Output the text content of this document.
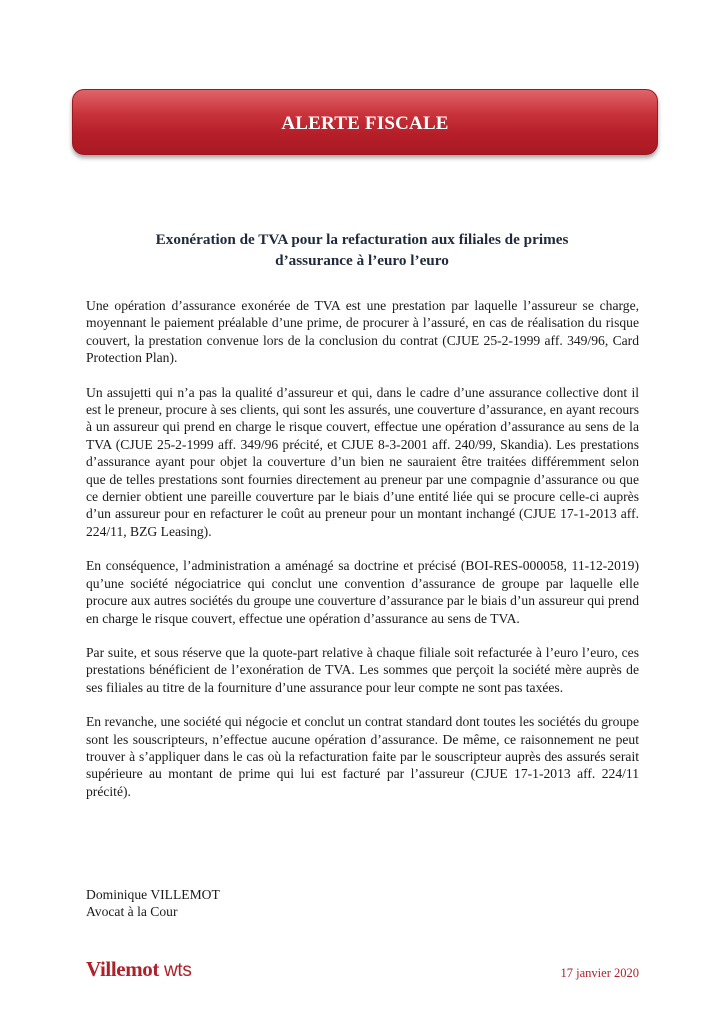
ALERTE FISCALE
Exonération de TVA pour la refacturation aux filiales de primes
d’assurance à l’euro l’euro

Une opération d’assurance exonérée de TVA est une prestation par laquelle l’assureur se charge, moyennant le paiement préalable d’une prime, de procurer à l’assuré, en cas de réalisation du risque couvert, la prestation convenue lors de la conclusion du contrat (CJUE 25-2-1999 aff. 349/96, Card Protection Plan).

Un assujetti qui n’a pas la qualité d’assureur et qui, dans le cadre d’une assurance collective dont il est le preneur, procure à ses clients, qui sont les assurés, une couverture d’assurance, en ayant recours à un assureur qui prend en charge le risque couvert, effectue une opération d’assurance au sens de la TVA (CJUE 25-2-1999 aff. 349/96 précité, et CJUE 8-3-2001 aff. 240/99, Skandia). Les prestations d’assurance ayant pour objet la couverture d’un bien ne sauraient être traitées différemment selon que de telles prestations sont fournies directement au preneur par une compagnie d’assurance ou que ce dernier obtient une pareille couverture par le biais d’une entité liée qui se procure celle-ci auprès d’un assureur pour en refacturer le coût au preneur pour un montant inchangé (CJUE 17-1-2013 aff. 224/11, BZG Leasing).

En conséquence, l’administration a aménagé sa doctrine et précisé (BOI-RES-000058, 11-12-2019) qu’une société négociatrice qui conclut une convention d’assurance de groupe par laquelle elle procure aux autres sociétés du groupe une couverture d’assurance par le biais d’un assureur qui prend en charge le risque couvert, effectue une opération d’assurance au sens de TVA.

Par suite, et sous réserve que la quote-part relative à chaque filiale soit refacturée à l’euro l’euro, ces prestations bénéficient de l’exonération de TVA. Les sommes que perçoit la société mère auprès de ses filiales au titre de la fourniture d’une assurance pour leur compte ne sont pas taxées.

En revanche, une société qui négocie et conclut un contrat standard dont toutes les sociétés du groupe sont les souscripteurs, n’effectue aucune opération d’assurance. De même, ce raisonnement ne peut trouver à s’appliquer dans le cas où la refacturation faite par le souscripteur auprès des assurés serait supérieure au montant de prime qui lui est facturé par l’assureur (CJUE 17-1-2013 aff. 224/11 précité).

Dominique VILLEMOT
Avocat à la Cour
Villemot wts	17 janvier 2020
